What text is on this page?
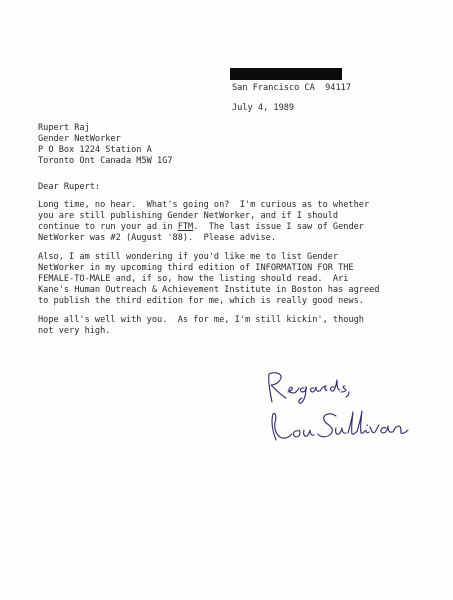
San Francisco CA  94117
July 4, 1989
Rupert Raj
Gender NetWorker
P O Box 1224 Station A
Toronto Ont Canada M5W 1G7
Dear Rupert:
Long time, no hear.  What's going on?  I'm curious as to whether
you are still publishing Gender NetWorker, and if I should
continue to run your ad in FTM.  The last issue I saw of Gender
NetWorker was #2 (August '88).  Please advise.
Also, I am still wondering if you'd like me to list Gender
NetWorker in my upcoming third edition of INFORMATION FOR THE
FEMALE-TO-MALE and, if so, how the listing should read.  Ari
Kane's Human Outreach & Achievement Institute in Boston has agreed
to publish the third edition for me, which is really good news.
Hope all's well with you.  As for me, I'm still kickin', though
not very high.
